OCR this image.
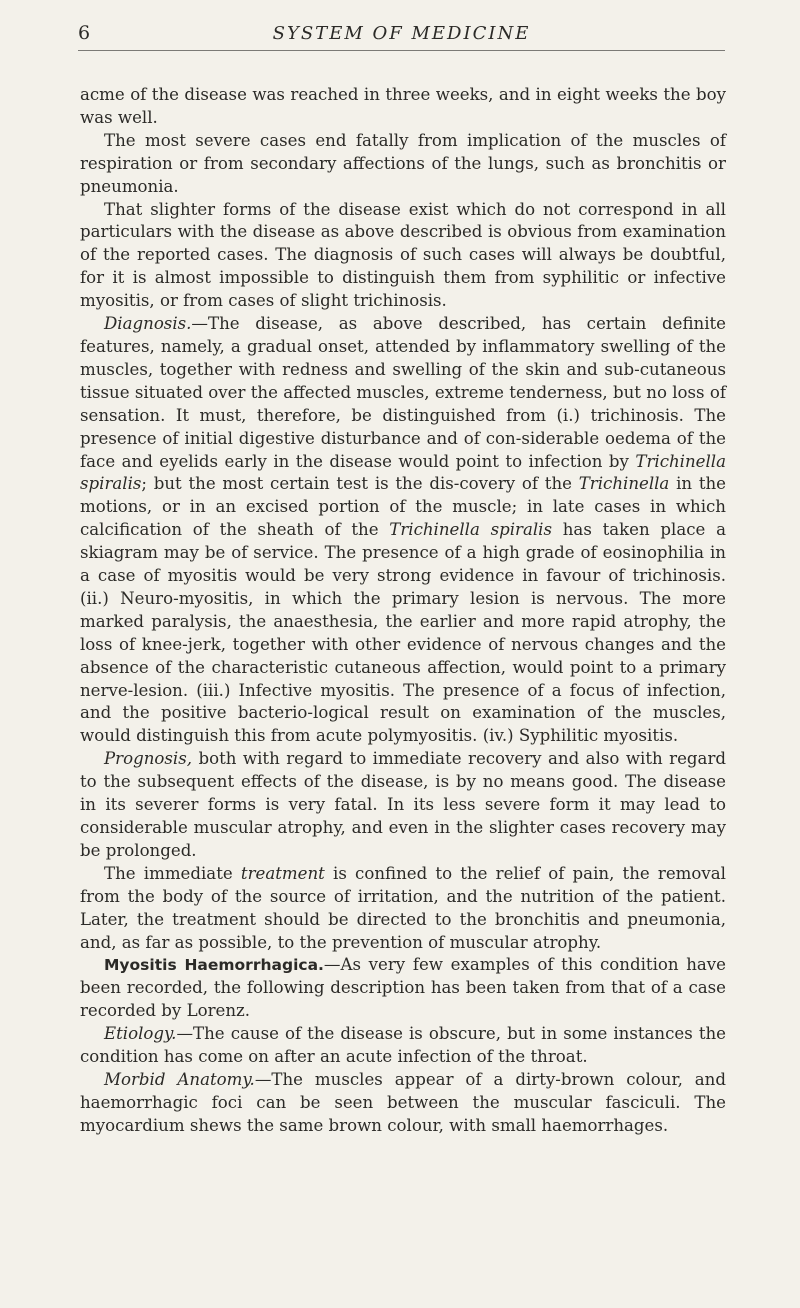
6	SYSTEM OF MEDICINE

acme of the disease was reached in three weeks, and in eight weeks the boy was well.

The most severe cases end fatally from implication of the muscles of respiration or from secondary affections of the lungs, such as bronchitis or pneumonia.

That slighter forms of the disease exist which do not correspond in all particulars with the disease as above described is obvious from examination of the reported cases. The diagnosis of such cases will always be doubtful, for it is almost impossible to distinguish them from syphilitic or infective myositis, or from cases of slight trichinosis.

Diagnosis.—The disease, as above described, has certain definite features, namely, a gradual onset, attended by inflammatory swelling of the muscles, together with redness and swelling of the skin and sub-cutaneous tissue situated over the affected muscles, extreme tenderness, but no loss of sensation. It must, therefore, be distinguished from (i.) trichinosis. The presence of initial digestive disturbance and of con-siderable oedema of the face and eyelids early in the disease would point to infection by Trichinella spiralis; but the most certain test is the dis-covery of the Trichinella in the motions, or in an excised portion of the muscle; in late cases in which calcification of the sheath of the Trichinella spiralis has taken place a skiagram may be of service. The presence of a high grade of eosinophilia in a case of myositis would be very strong evidence in favour of trichinosis. (ii.) Neuro-myositis, in which the primary lesion is nervous. The more marked paralysis, the anaesthesia, the earlier and more rapid atrophy, the loss of knee-jerk, together with other evidence of nervous changes and the absence of the characteristic cutaneous affection, would point to a primary nerve-lesion. (iii.) Infective myositis. The presence of a focus of infection, and the positive bacterio-logical result on examination of the muscles, would distinguish this from acute polymyositis. (iv.) Syphilitic myositis.

Prognosis, both with regard to immediate recovery and also with regard to the subsequent effects of the disease, is by no means good. The disease in its severer forms is very fatal. In its less severe form it may lead to considerable muscular atrophy, and even in the slighter cases recovery may be prolonged.

The immediate treatment is confined to the relief of pain, the removal from the body of the source of irritation, and the nutrition of the patient. Later, the treatment should be directed to the bronchitis and pneumonia, and, as far as possible, to the prevention of muscular atrophy.

Myositis Haemorrhagica.—As very few examples of this condition have been recorded, the following description has been taken from that of a case recorded by Lorenz.

Etiology.—The cause of the disease is obscure, but in some instances the condition has come on after an acute infection of the throat.

Morbid Anatomy.—The muscles appear of a dirty-brown colour, and haemorrhagic foci can be seen between the muscular fasciculi. The myocardium shews the same brown colour, with small haemorrhages.
